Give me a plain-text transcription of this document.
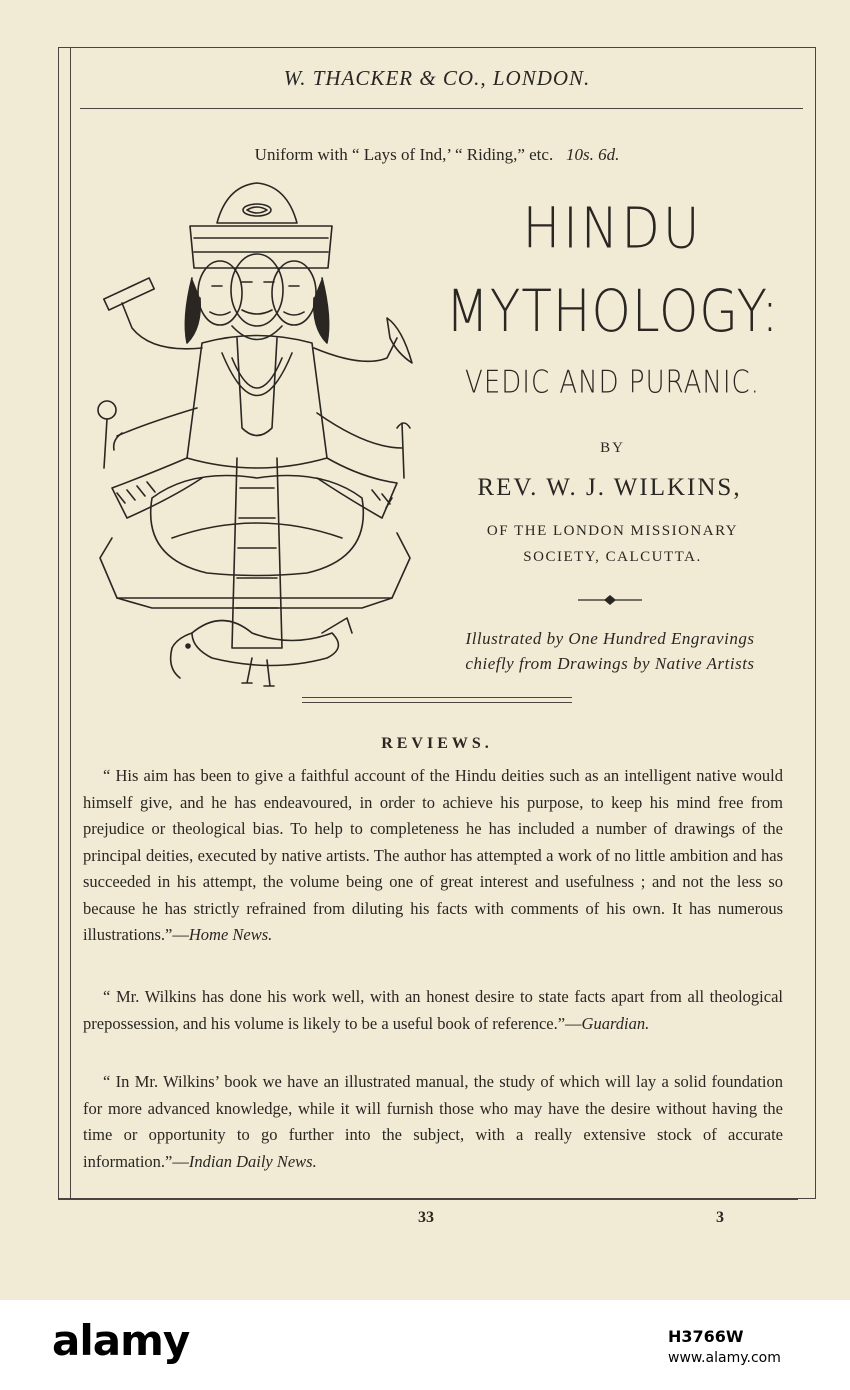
W. THACKER & CO., LONDON.
Uniform with “ Lays of Ind,’ “ Riding,” etc. 10s. 6d.
HINDU
MYTHOLOGY:
VEDIC AND PURANIC.
BY
REV. W. J. WILKINS,
OF THE LONDON MISSIONARY
SOCIETY, CALCUTTA.
Illustrated by One Hundred Engravings
chiefly from Drawings by Native Artists
REVIEWS.
“ His aim has been to give a faithful account of the Hindu deities such as an intelligent native would himself give, and he has endeavoured, in order to achieve his purpose, to keep his mind free from prejudice or theological bias. To help to completeness he has included a number of drawings of the principal deities, executed by native artists. The author has attempted a work of no little ambition and has succeeded in his attempt, the volume being one of great interest and usefulness ; and not the less so because he has strictly refrained from diluting his facts with comments of his own. It has numerous illustrations.”—Home News.
“ Mr. Wilkins has done his work well, with an honest desire to state facts apart from all theological prepossession, and his volume is likely to be a useful book of reference.”—Guardian.
“ In Mr. Wilkins’ book we have an illustrated manual, the study of which will lay a solid foundation for more advanced knowledge, while it will furnish those who may have the desire without having the time or opportunity to go further into the subject, with a really extensive stock of accurate information.”—Indian Daily News.
33	3
alamy	H3766W
www.alamy.com
